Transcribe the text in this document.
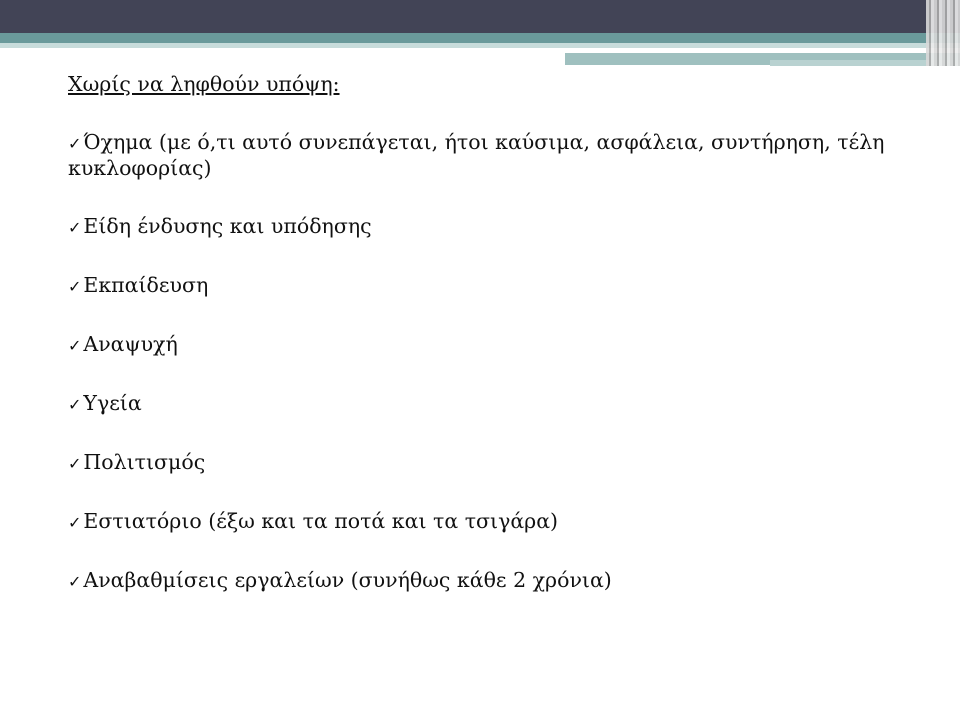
Χωρίς να ληφθούν υπόψη:
✓Όχημα (με ό,τι αυτό συνεπάγεται, ήτοι καύσιμα, ασφάλεια, συντήρηση, τέλη κυκλοφορίας)
✓Είδη ένδυσης και υπόδησης
✓Εκπαίδευση
✓Αναψυχή
✓Υγεία
✓Πολιτισμός
✓Εστιατόριο (έξω και τα ποτά και τα τσιγάρα)
✓Αναβαθμίσεις εργαλείων (συνήθως κάθε 2 χρόνια)
